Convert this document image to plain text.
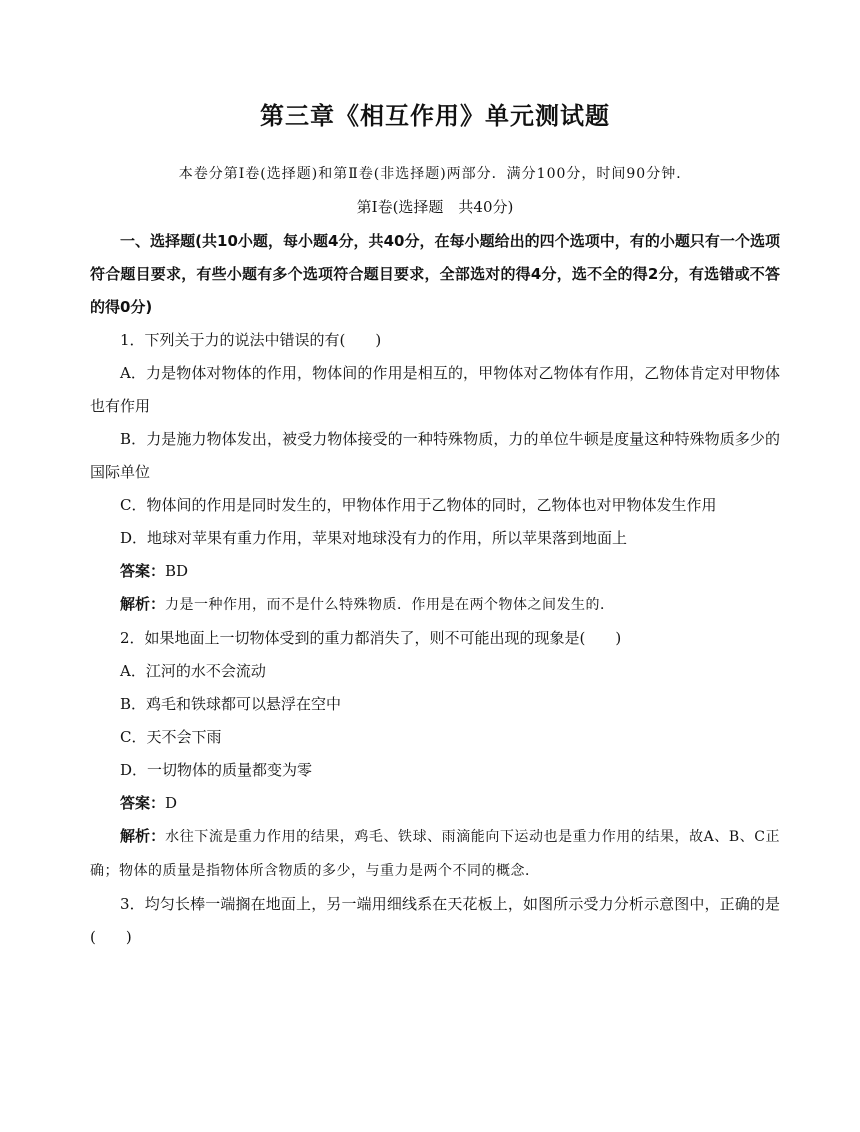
第三章《相互作用》单元测试题

本卷分第Ⅰ卷(选择题)和第Ⅱ卷(非选择题)两部分．满分100分，时间90分钟．

第Ⅰ卷(选择题　共40分)

一、选择题(共10小题，每小题4分，共40分，在每小题给出的四个选项中，有的小题只有一个选项符合题目要求，有些小题有多个选项符合题目要求，全部选对的得4分，选不全的得2分，有选错或不答的得0分)

1．下列关于力的说法中错误的有(　　)

A．力是物体对物体的作用，物体间的作用是相互的，甲物体对乙物体有作用，乙物体肯定对甲物体也有作用

B．力是施力物体发出，被受力物体接受的一种特殊物质，力的单位牛顿是度量这种特殊物质多少的国际单位

C．物体间的作用是同时发生的，甲物体作用于乙物体的同时，乙物体也对甲物体发生作用

D．地球对苹果有重力作用，苹果对地球没有力的作用，所以苹果落到地面上

答案：BD

解析：力是一种作用，而不是什么特殊物质．作用是在两个物体之间发生的．

2．如果地面上一切物体受到的重力都消失了，则不可能出现的现象是(　　)

A．江河的水不会流动

B．鸡毛和铁球都可以悬浮在空中

C．天不会下雨

D．一切物体的质量都变为零

答案：D

解析：水往下流是重力作用的结果，鸡毛、铁球、雨滴能向下运动也是重力作用的结果，故A、B、C正确；物体的质量是指物体所含物质的多少，与重力是两个不同的概念．

3．均匀长棒一端搁在地面上，另一端用细线系在天花板上，如图所示受力分析示意图中，正确的是(　　)
